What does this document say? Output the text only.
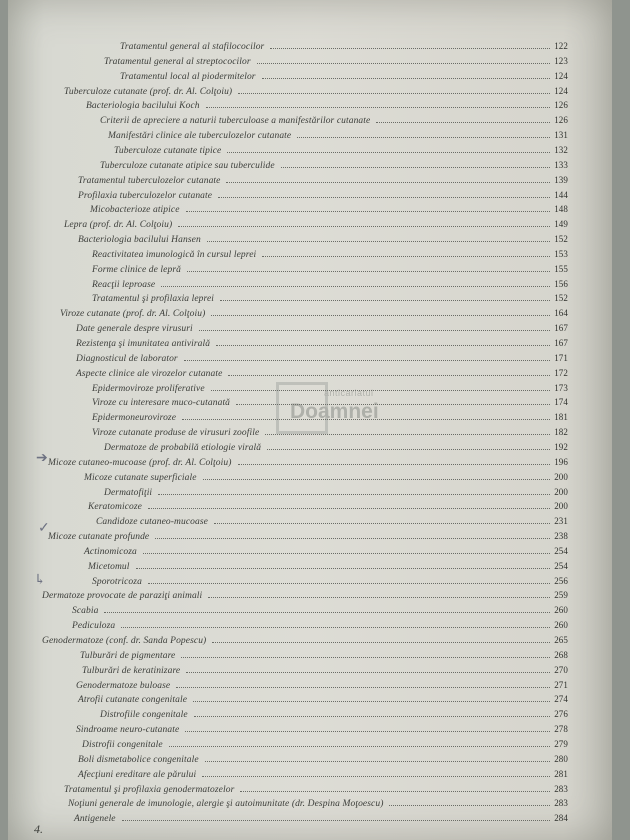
anticariatul
Doamnei
Tratamentul general al stafilococilor	122
Tratamentul general al streptococilor	123
Tratamentul local al piodermitelor	124
Tuberculoze cutanate (prof. dr. Al. Colţoiu)	124
Bacteriologia bacilului Koch	126
Criterii de apreciere a naturii tuberculoase a manifestărilor cutanate	126
Manifestări clinice ale tuberculozelor cutanate	131
Tuberculoze cutanate tipice	132
Tuberculoze cutanate atipice sau tuberculide	133
Tratamentul tuberculozelor cutanate	139
Profilaxia tuberculozelor cutanate	144
Micobacterioze atipice	148
Lepra (prof. dr. Al. Colţoiu)	149
Bacteriologia bacilului Hansen	152
Reactivitatea imunologică în cursul leprei	153
Forme clinice de lepră	155
Reacţii leproase	156
Tratamentul şi profilaxia leprei	152
Viroze cutanate (prof. dr. Al. Colţoiu)	164
Date generale despre virusuri	167
Rezistenţa şi imunitatea antivirală	167
Diagnosticul de laborator	171
Aspecte clinice ale virozelor cutanate	172
Epidermoviroze proliferative	173
Viroze cu interesare muco-cutanată	174
Epidermoneuroviroze	181
Viroze cutanate produse de virusuri zoofile	182
Dermatoze de probabilă etiologie virală	192
Micoze cutaneo-mucoase (prof. dr. Al. Colţoiu)	196
Micoze cutanate superficiale	200
Dermatofiţii	200
Keratomicoze	200
Candidoze cutaneo-mucoase	231
Micoze cutanate profunde	238
Actinomicoza	254
Micetomul	254
Sporotricoza	256
Dermatoze provocate de paraziţi animali	259
Scabia	260
Pediculoza	260
Genodermatoze (conf. dr. Sanda Popescu)	265
Tulburări de pigmentare	268
Tulburări de keratinizare	270
Genodermatoze buloase	271
Atrofii cutanate congenitale	274
Distrofiile congenitale	276
Sindroame neuro-cutanate	278
Distrofii congenitale	279
Boli dismetabolice congenitale	280
Afecţiuni ereditare ale părului	281
Tratamentul şi profilaxia genodermatozelor	283
Noţiuni generale de imunologie, alergie şi autoimunitate (dr. Despina Moţoescu)	283
Antigenele	284
➔
✓
↳
4.
